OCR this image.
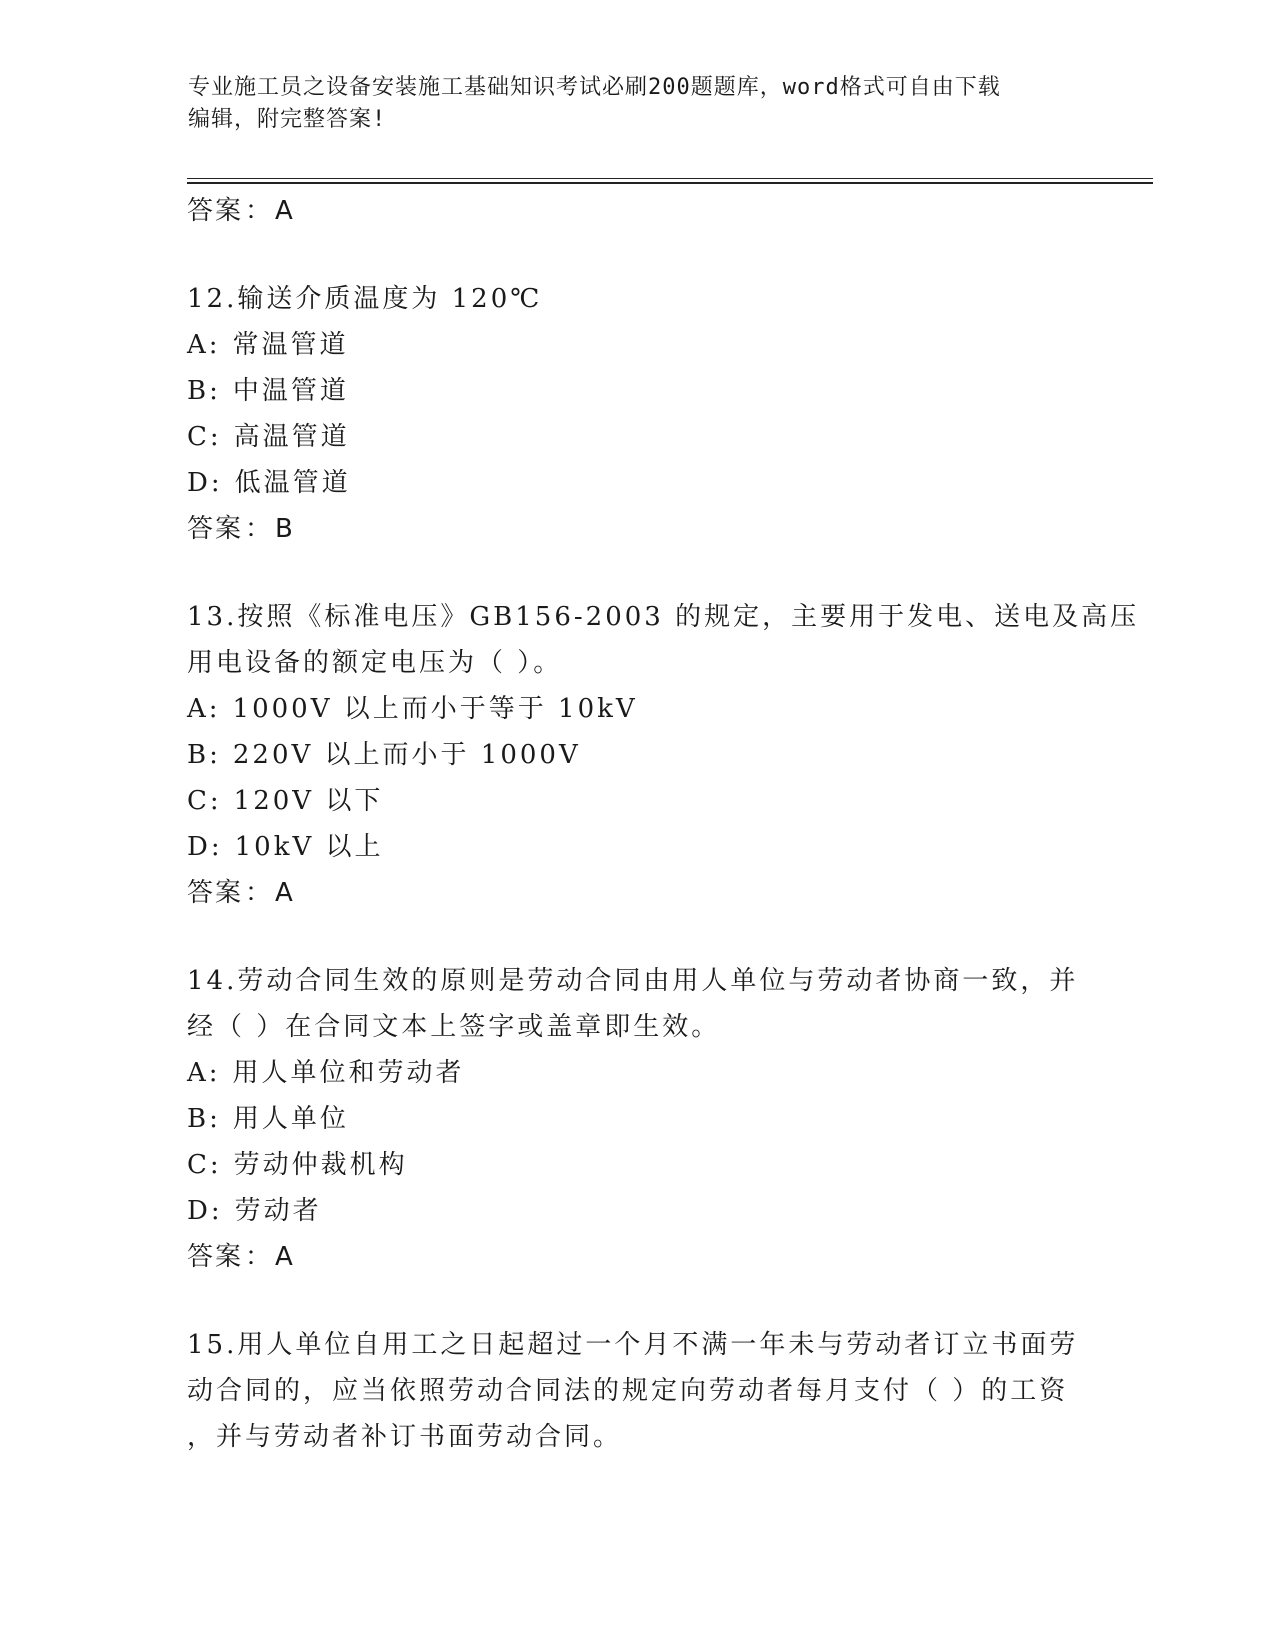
专业施工员之设备安装施工基础知识考试必刷200题题库，word格式可自由下载
编辑，附完整答案!
答案：A
12.输送介质温度为 120℃
A: 常温管道
B: 中温管道
C: 高温管道
D: 低温管道
答案：B
13.按照《标准电压》GB156-2003 的规定，主要用于发电、送电及高压
用电设备的额定电压为（ ）。
A: 1000V 以上而小于等于 10kV
B: 220V 以上而小于 1000V
C: 120V 以下
D: 10kV 以上
答案：A
14.劳动合同生效的原则是劳动合同由用人单位与劳动者协商一致，并
经（ ）在合同文本上签字或盖章即生效。
A: 用人单位和劳动者
B: 用人单位
C: 劳动仲裁机构
D: 劳动者
答案：A
15.用人单位自用工之日起超过一个月不满一年未与劳动者订立书面劳
动合同的，应当依照劳动合同法的规定向劳动者每月支付（ ）的工资
，并与劳动者补订书面劳动合同。
